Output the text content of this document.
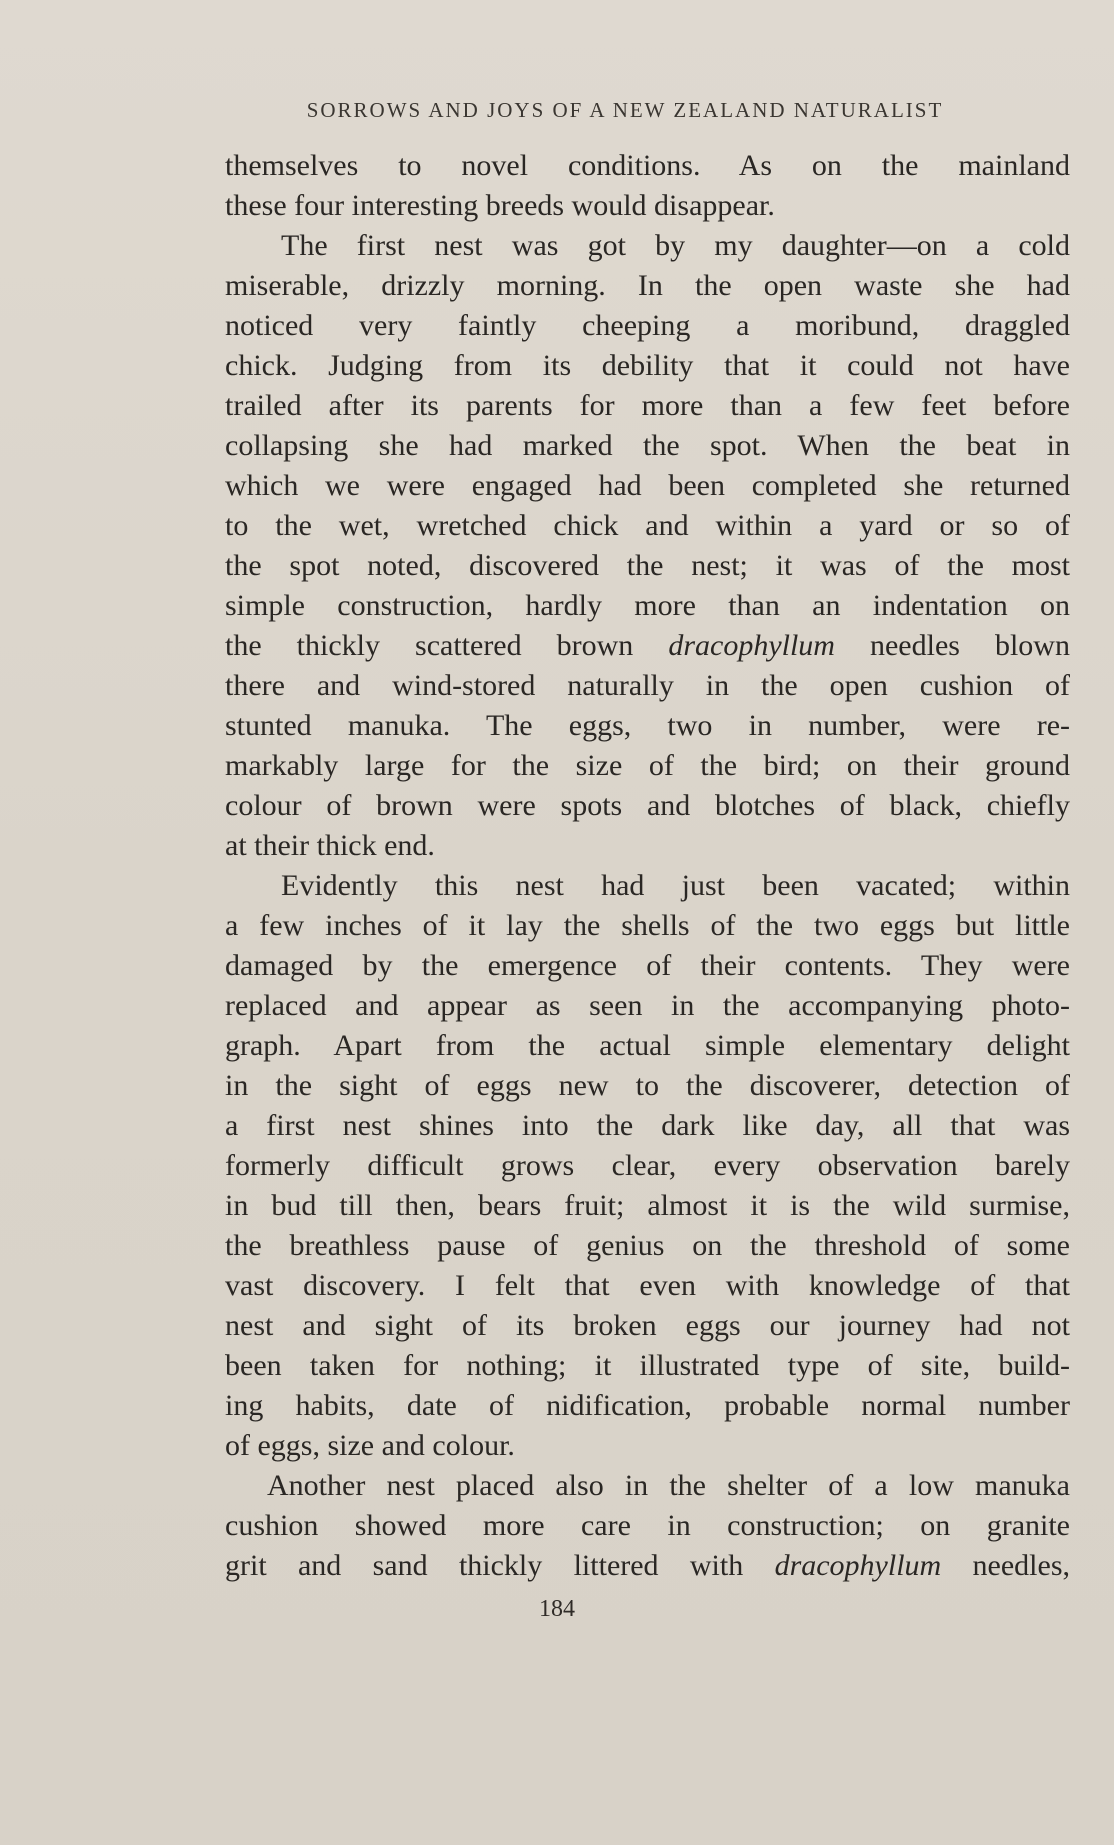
SORROWS AND JOYS OF A NEW ZEALAND NATURALIST

themselves to novel conditions. As on the mainland

these four interesting breeds would disappear.

The first nest was got by my daughter—on a cold

miserable, drizzly morning. In the open waste she had

noticed very faintly cheeping a moribund, draggled

chick. Judging from its debility that it could not have

trailed after its parents for more than a few feet before

collapsing she had marked the spot. When the beat in

which we were engaged had been completed she returned

to the wet, wretched chick and within a yard or so of

the spot noted, discovered the nest; it was of the most

simple construction, hardly more than an indentation on

the thickly scattered brown dracophyllum needles blown

there and wind-stored naturally in the open cushion of

stunted manuka. The eggs, two in number, were re-

markably large for the size of the bird; on their ground

colour of brown were spots and blotches of black, chiefly

at their thick end.

Evidently this nest had just been vacated; within

a few inches of it lay the shells of the two eggs but little

damaged by the emergence of their contents. They were

replaced and appear as seen in the accompanying photo-

graph. Apart from the actual simple elementary delight

in the sight of eggs new to the discoverer, detection of

a first nest shines into the dark like day, all that was

formerly difficult grows clear, every observation barely

in bud till then, bears fruit; almost it is the wild surmise,

the breathless pause of genius on the threshold of some

vast discovery. I felt that even with knowledge of that

nest and sight of its broken eggs our journey had not

been taken for nothing; it illustrated type of site, build-

ing habits, date of nidification, probable normal number

of eggs, size and colour.

Another nest placed also in the shelter of a low manuka

cushion showed more care in construction; on granite

grit and sand thickly littered with dracophyllum needles,

184
